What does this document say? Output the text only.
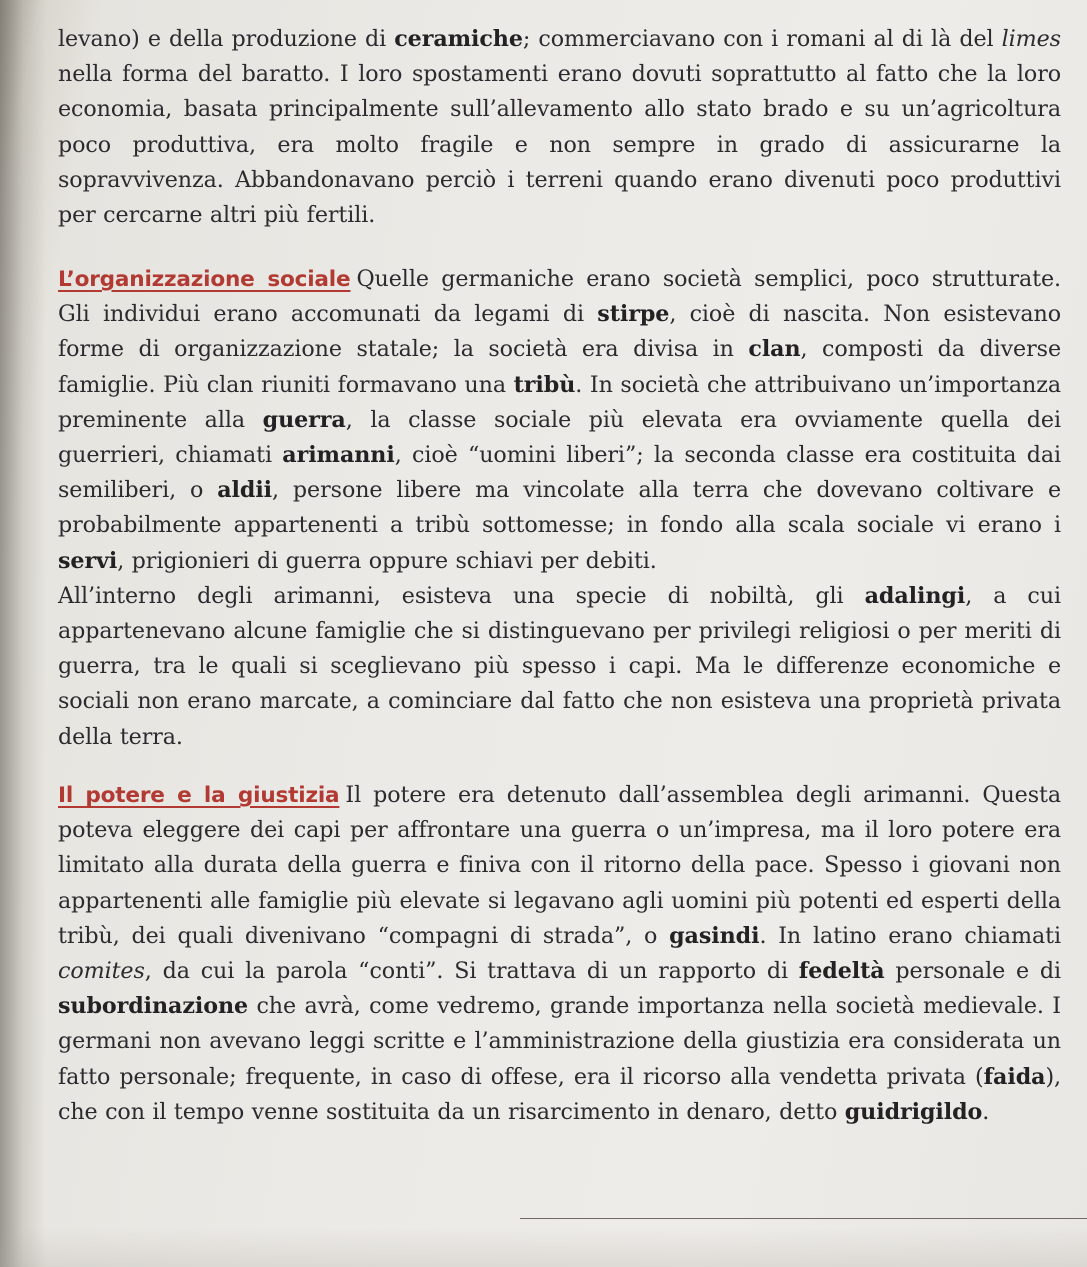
levano) e della produzione di ceramiche; commerciavano con i romani al di là del limes nella forma del baratto. I loro spostamenti erano dovuti soprattutto al fatto che la loro economia, basata principalmente sull’allevamento allo stato brado e su un’agricoltura poco produttiva, era molto fragile e non sempre in grado di assicurarne la sopravvivenza. Abbandonavano perciò i terreni quando erano divenuti poco produttivi per cercarne altri più fertili.

L’organizzazione sociale Quelle germaniche erano società semplici, poco strutturate. Gli individui erano accomunati da legami di stirpe, cioè di nascita. Non esistevano forme di organizzazione statale; la società era divisa in clan, composti da diverse famiglie. Più clan riuniti formavano una tribù. In società che attribuivano un’importanza preminente alla guerra, la classe sociale più elevata era ovviamente quella dei guerrieri, chiamati arimanni, cioè “uomini liberi”; la seconda classe era costituita dai semiliberi, o aldii, persone libere ma vincolate alla terra che dovevano coltivare e probabilmente appartenenti a tribù sottomesse; in fondo alla scala sociale vi erano i servi, prigionieri di guerra oppure schiavi per debiti.

All’interno degli arimanni, esisteva una specie di nobiltà, gli adalingi, a cui appartenevano alcune famiglie che si distinguevano per privilegi religiosi o per meriti di guerra, tra le quali si sceglievano più spesso i capi. Ma le differenze economiche e sociali non erano marcate, a cominciare dal fatto che non esisteva una proprietà privata della terra.

Il potere e la giustizia Il potere era detenuto dall’assemblea degli arimanni. Questa poteva eleggere dei capi per affrontare una guerra o un’impresa, ma il loro potere era limitato alla durata della guerra e finiva con il ritorno della pace. Spesso i giovani non appartenenti alle famiglie più elevate si legavano agli uomini più potenti ed esperti della tribù, dei quali divenivano “compagni di strada”, o gasindi. In latino erano chiamati comites, da cui la parola “conti”. Si trattava di un rapporto di fedeltà personale e di subordinazione che avrà, come vedremo, grande importanza nella società medievale. I germani non avevano leggi scritte e l’amministrazione della giustizia era considerata un fatto personale; frequente, in caso di offese, era il ricorso alla vendetta privata (faida), che con il tempo venne sostituita da un risarcimento in denaro, detto guidrigildo.
